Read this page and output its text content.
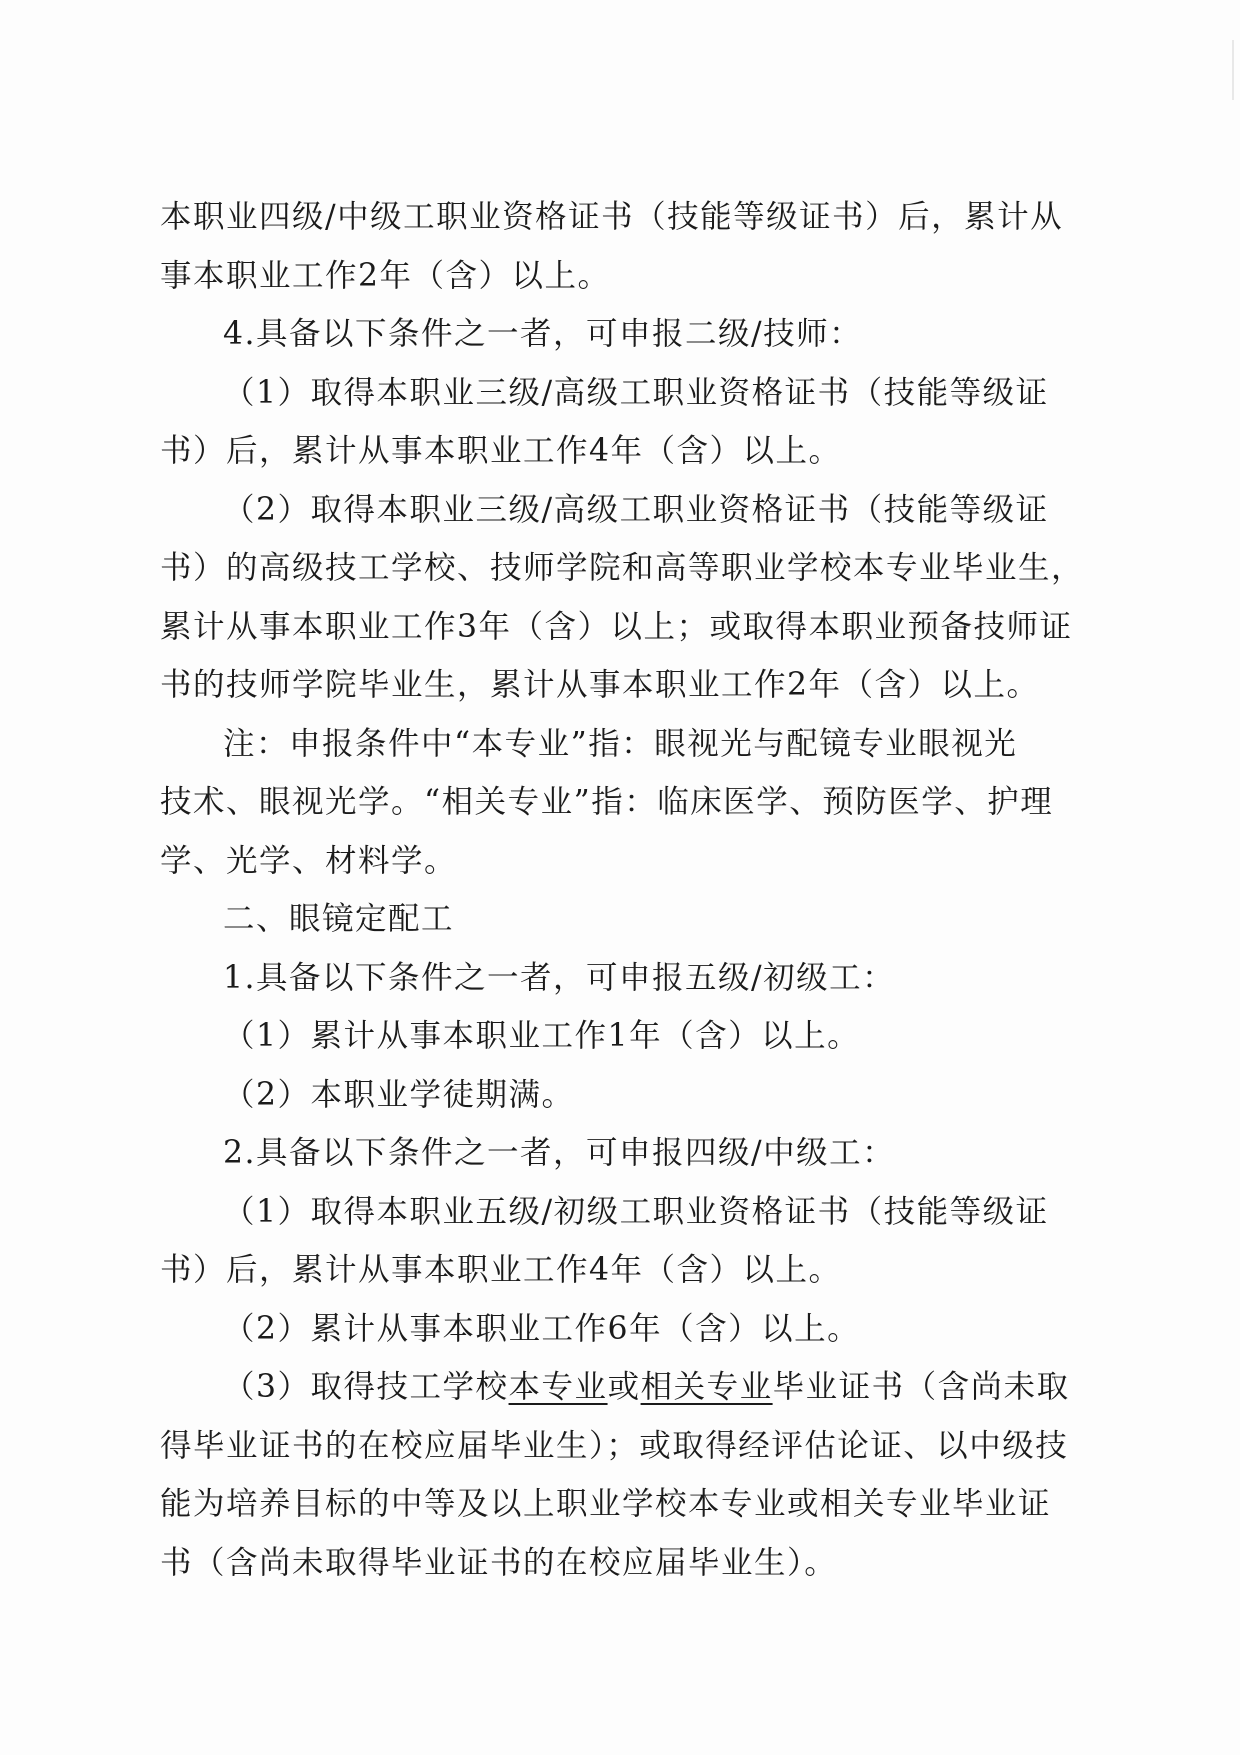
本职业四级/中级工职业资格证书（技能等级证书）后，累计从
事本职业工作2年（含）以上。
4.具备以下条件之一者，可申报二级/技师：
（1）取得本职业三级/高级工职业资格证书（技能等级证
书）后，累计从事本职业工作4年（含）以上。
（2）取得本职业三级/高级工职业资格证书（技能等级证
书）的高级技工学校、技师学院和高等职业学校本专业毕业生，
累计从事本职业工作3年（含）以上；或取得本职业预备技师证
书的技师学院毕业生，累计从事本职业工作2年（含）以上。
注：申报条件中“本专业”指：眼视光与配镜专业眼视光
技术、眼视光学。“相关专业”指：临床医学、预防医学、护理
学、光学、材料学。
二、眼镜定配工
1.具备以下条件之一者，可申报五级/初级工：
（1）累计从事本职业工作1年（含）以上。
（2）本职业学徒期满。
2.具备以下条件之一者，可申报四级/中级工：
（1）取得本职业五级/初级工职业资格证书（技能等级证
书）后，累计从事本职业工作4年（含）以上。
（2）累计从事本职业工作6年（含）以上。
（3）取得技工学校本专业或相关专业毕业证书（含尚未取
得毕业证书的在校应届毕业生）；或取得经评估论证、以中级技
能为培养目标的中等及以上职业学校本专业或相关专业毕业证
书（含尚未取得毕业证书的在校应届毕业生）。
